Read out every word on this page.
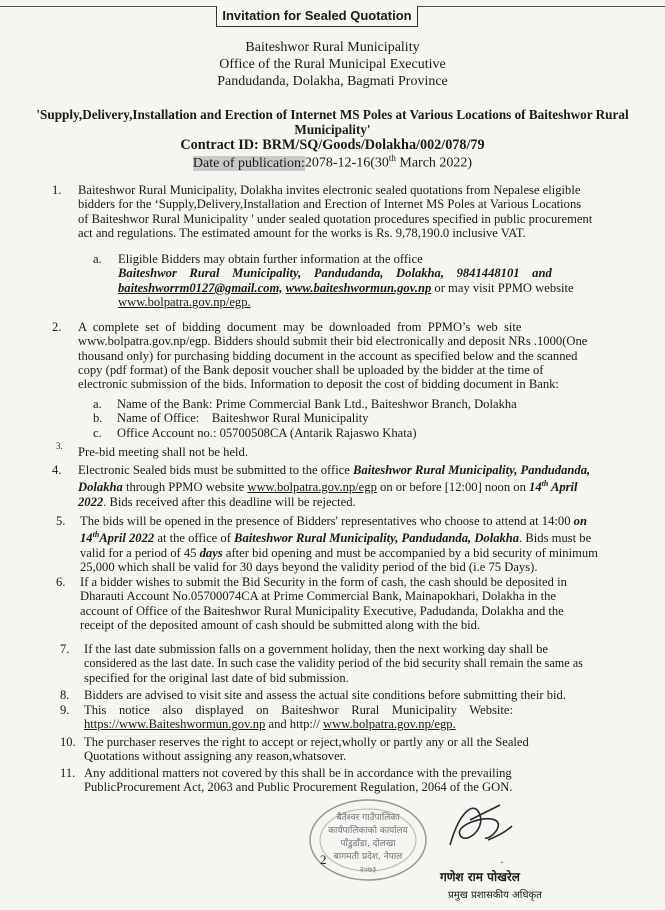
Invitation for Sealed Quotation
Baiteshwor Rural Municipality
Office of the Rural Municipal Executive
Pandudanda, Dolakha, Bagmati Province
'Supply,Delivery,Installation and Erection of Internet MS Poles at Various Locations of Baiteshwor Rural
Municipality'
Contract ID: BRM/SQ/Goods/Dolakha/002/078/79
Date of publication:2078-12-16(30th March 2022)
1. Baiteshwor Rural Municipality, Dolakha invites electronic sealed quotations from Nepalese eligible
bidders for the ‘Supply,Delivery,Installation and Erection of Internet MS Poles at Various Locations
of Baiteshwor Rural Municipality ' under sealed quotation procedures specified in public procurement
act and regulations. The estimated amount for the works is Rs. 9,78,190.0 inclusive VAT.
a. Eligible Bidders may obtain further information at the office
Baiteshwor    Rural    Municipality,    Pandudanda,    Dolakha,    9841448101    and
baiteshworrm0127@gmail.com, www.baiteshwormun.gov.np or may visit PPMO website
www.bolpatra.gov.np/egp.
2. A  complete  set  of  bidding  document  may  be  downloaded  from  PPMO’s  web  site
www.bolpatra.gov.np/egp. Bidders should submit their bid electronically and deposit NRs .1000(One
thousand only) for purchasing bidding document in the account as specified below and the scanned
copy (pdf format) of the Bank deposit voucher shall be uploaded by the bidder at the time of
electronic submission of the bids. Information to deposit the cost of bidding document in Bank:
a. Name of the Bank: Prime Commercial Bank Ltd., Baiteshwor Branch, Dolakha
b. Name of Office:    Baiteshwor Rural Municipality
c. Office Account no.: 05700508CA (Antarik Rajaswo Khata)
3. Pre-bid meeting shall not be held.
4. Electronic Sealed bids must be submitted to the office Baiteshwor Rural Municipality, Pandudanda,
Dolakha through PPMO website www.bolpatra.gov.np/egp on or before [12:00] noon on 14th April
2022. Bids received after this deadline will be rejected.
5. The bids will be opened in the presence of Bidders' representatives who choose to attend at 14:00 on
14thApril 2022 at the office of Baiteshwor Rural Municipality, Pandudanda, Dolakha. Bids must be
valid for a period of 45 days after bid opening and must be accompanied by a bid security of minimum
25,000 which shall be valid for 30 days beyond the validity period of the bid (i.e 75 Days).
6. If a bidder wishes to submit the Bid Security in the form of cash, the cash should be deposited in
Dharauti Account No.05700074CA at Prime Commercial Bank, Mainapokhari, Dolakha in the
account of Office of the Baiteshwor Rural Municipality Executive, Padudanda, Dolakha and the
receipt of the deposited amount of cash should be submitted along with the bid.
7. If the last date submission falls on a government holiday, then the next working day shall be
considered as the last date. In such case the validity period of the bid security shall remain the same as
specified for the original last date of bid submission.
8. Bidders are advised to visit site and assess the actual site conditions before submitting their bid.
9. This    notice    also    displayed    on    Baiteshwor    Rural    Municipality    Website:
https://www.Baiteshwormun.gov.np and http:// www.bolpatra.gov.np/egp.
10. The purchaser reserves the right to accept or reject,wholly or partly any or all the Sealed
Quotations without assigning any reason,whatsover.
11. Any additional matters not covered by this shall be in accordance with the prevailing
PublicProcurement Act, 2063 and Public Procurement Regulation, 2064 of the GON.
बैतेश्वर गाउँपालिका
कार्यपालिकाको कार्यालय
पाँडुडाँडा, दोलखा
बागमती प्रदेश, नेपाल
२०७३
2	·
गणेश राम पोखरेल
प्रमुख प्रशासकीय अधिकृत
